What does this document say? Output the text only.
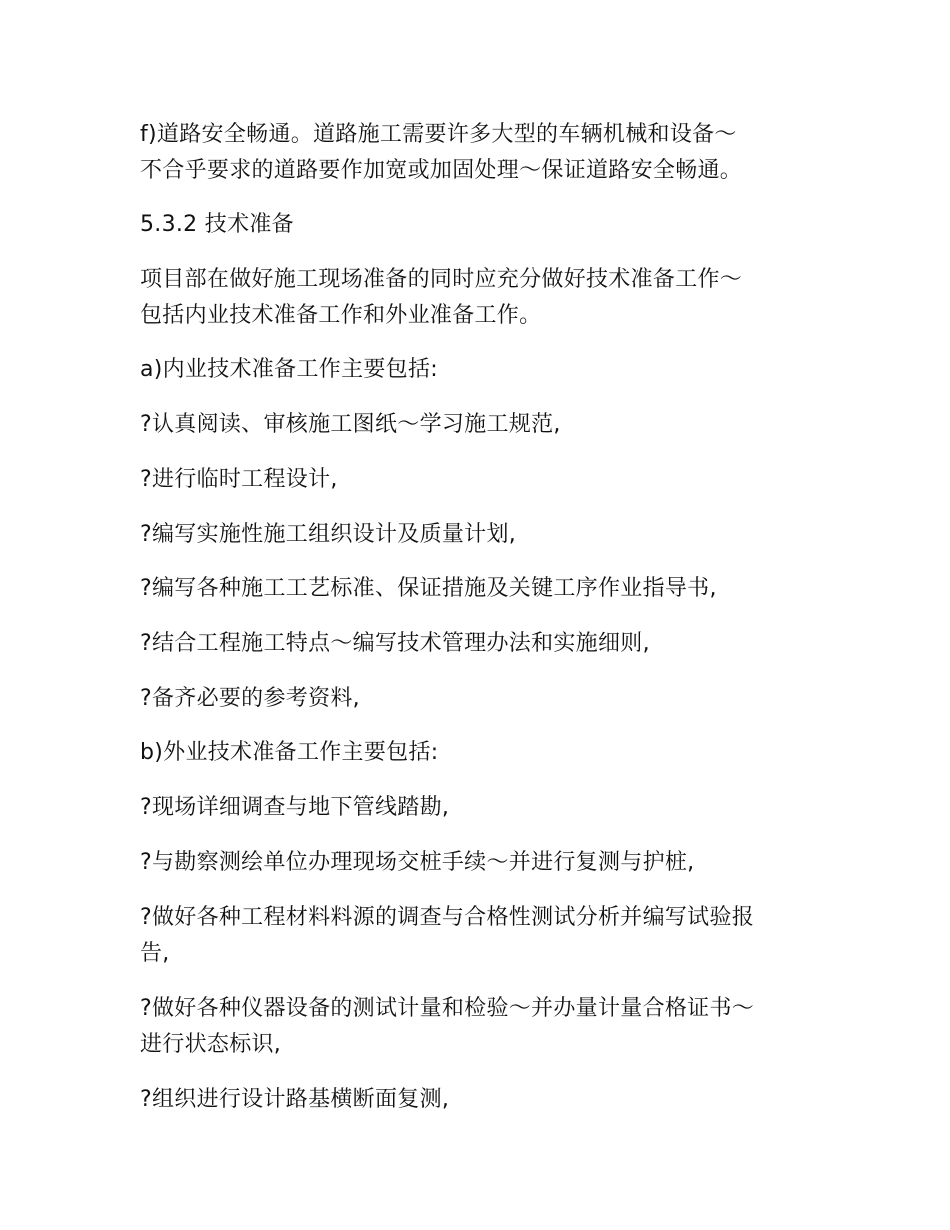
f)道路安全畅通。道路施工需要许多大型的车辆机械和设备～
不合乎要求的道路要作加宽或加固处理～保证道路安全畅通。
5.3.2 技术准备
项目部在做好施工现场准备的同时应充分做好技术准备工作～
包括内业技术准备工作和外业准备工作。
a)内业技术准备工作主要包括:
?认真阅读、审核施工图纸～学习施工规范,
?进行临时工程设计,
?编写实施性施工组织设计及质量计划,
?编写各种施工工艺标准、保证措施及关键工序作业指导书,
?结合工程施工特点～编写技术管理办法和实施细则,
?备齐必要的参考资料,
b)外业技术准备工作主要包括:
?现场详细调查与地下管线踏勘,
?与勘察测绘单位办理现场交桩手续～并进行复测与护桩,
?做好各种工程材料料源的调查与合格性测试分析并编写试验报
告,
?做好各种仪器设备的测试计量和检验～并办量计量合格证书～
进行状态标识,
?组织进行设计路基横断面复测,
